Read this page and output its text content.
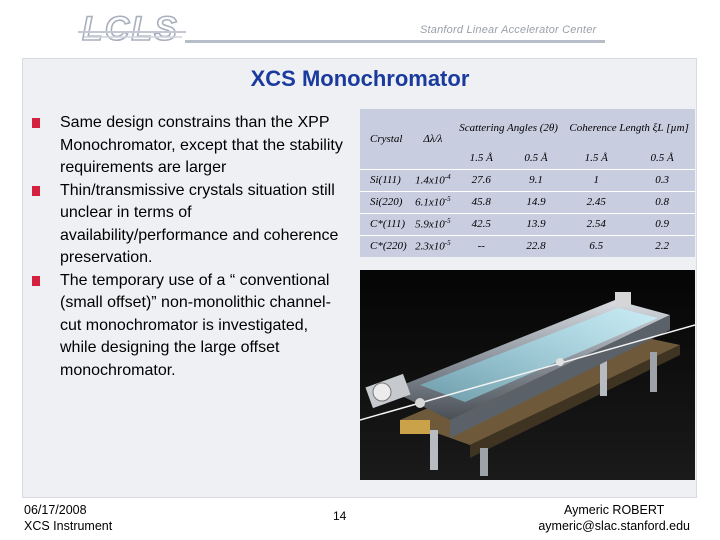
LCLS	Stanford Linear Accelerator Center
XCS Monochromator
Same design constrains than the XPP Monochromator, except that the stability requirements are larger
Thin/transmissive crystals situation still unclear in terms of availability/performance and coherence preservation.
The temporary use of a “ conventional (small offset)” non-monolithic channel-cut monochromator is investigated, while designing the large offset monochromator.
Crystal	Δλ/λ	Scattering Angles (2θ)		Coherence Length ξL [µm]	
		1.5 Å	0.5 Å	1.5 Å	0.5 Å
Si(111)	$1.4x10^{-4}$	27.6	9.1	1	0.3
Si(220)	$6.1x10^{-5}$	45.8	14.9	2.45	0.8
C*(111)	$5.9x10^{-5}$	42.5	13.9	2.54	0.9
C*(220)	$2.3x10^{-5}$	--	22.8	6.5	2.2
06/17/2008
XCS Instrument
14	Aymeric ROBERT
aymeric@slac.stanford.edu
